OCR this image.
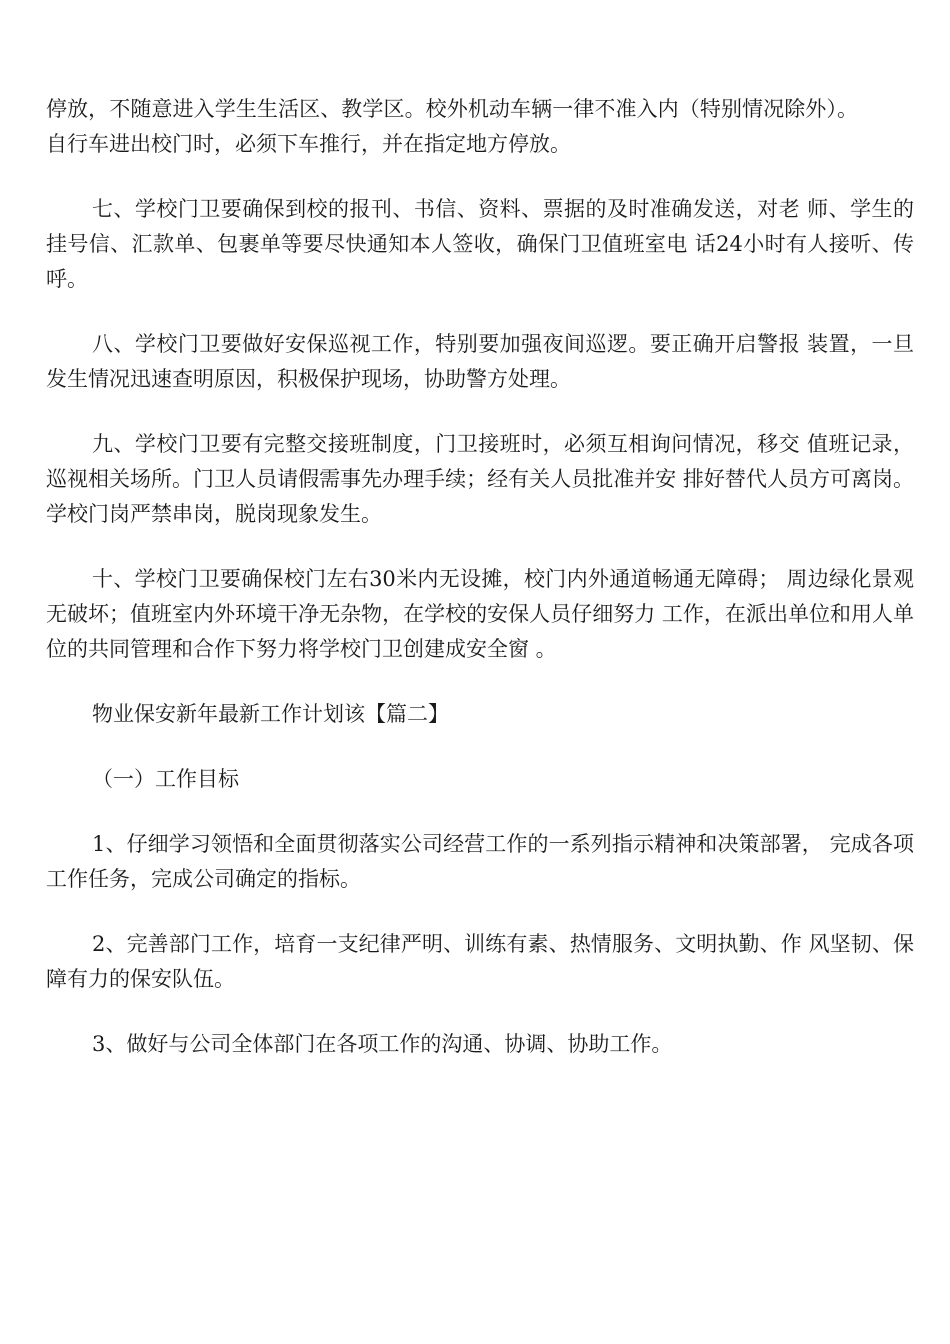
停放，不随意进入学生生活区、教学区。校外机动车辆一律不准入内（特别情况除外）。自行车进出校门时，必须下车推行，并在指定地方停放。

七、学校门卫要确保到校的报刊、书信、资料、票据的及时准确发送，对老 师、学生的挂号信、汇款单、包裹单等要尽快通知本人签收，确保门卫值班室电 话24小时有人接听、传呼。

八、学校门卫要做好安保巡视工作，特别要加强夜间巡逻。要正确开启警报 装置，一旦发生情况迅速查明原因，积极保护现场，协助警方处理。

九、学校门卫要有完整交接班制度，门卫接班时，必须互相询问情况，移交 值班记录，巡视相关场所。门卫人员请假需事先办理手续；经有关人员批准并安 排好替代人员方可离岗。学校门岗严禁串岗，脱岗现象发生。

十、学校门卫要确保校门左右30米内无设摊，校门内外通道畅通无障碍； 周边绿化景观无破坏；值班室内外环境干净无杂物，在学校的安保人员仔细努力 工作，在派出单位和用人单位的共同管理和合作下努力将学校门卫创建成安全窗 。

物业保安新年最新工作计划该【篇二】

（一）工作目标

1、仔细学习领悟和全面贯彻落实公司经营工作的一系列指示精神和决策部署， 完成各项工作任务，完成公司确定的指标。

2、完善部门工作，培育一支纪律严明、训练有素、热情服务、文明执勤、作 风坚韧、保障有力的保安队伍。

3、做好与公司全体部门在各项工作的沟通、协调、协助工作。
